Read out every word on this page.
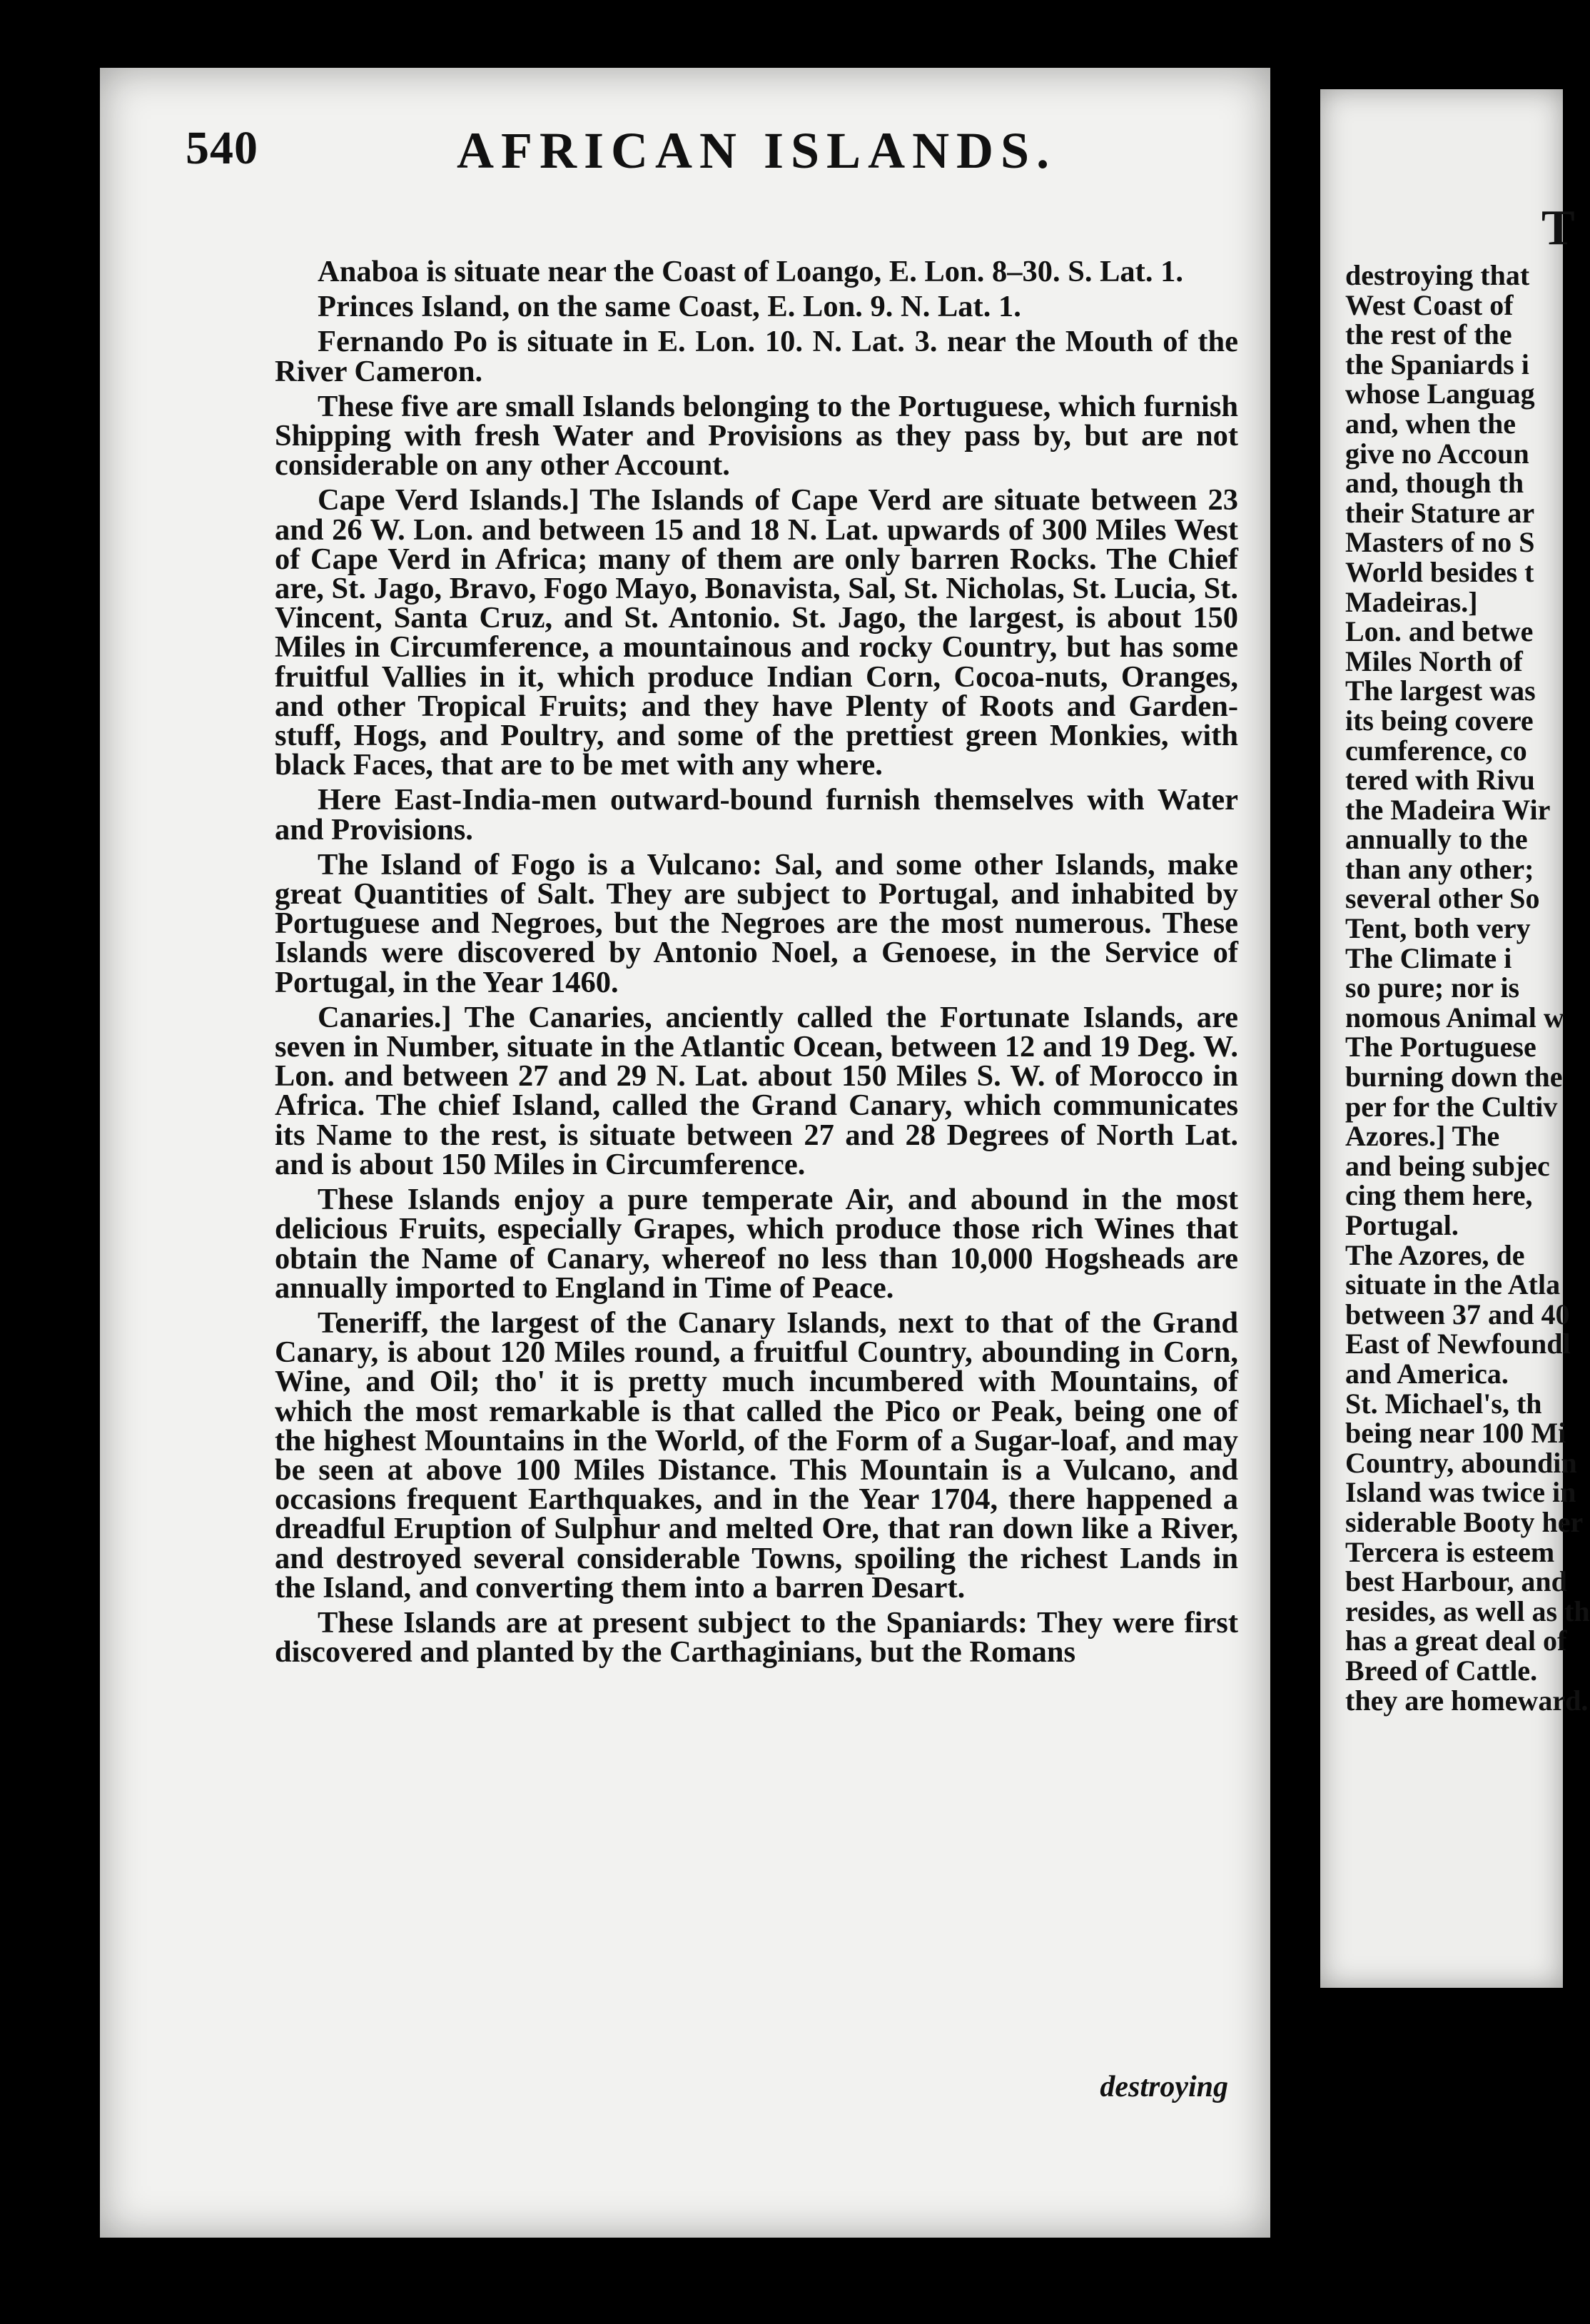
540	AFRICAN ISLANDS.

Anaboa is situate near the Coast of Loango, E. Lon. 8–30. S. Lat. 1.

Princes Island, on the same Coast, E. Lon. 9. N. Lat. 1.

Fernando Po is situate in E. Lon. 10. N. Lat. 3. near the Mouth of the River Cameron.

These five are small Islands belonging to the Portuguese, which furnish Shipping with fresh Water and Provisions as they pass by, but are not considerable on any other Account.

Cape Verd Islands.] The Islands of Cape Verd are situate between 23 and 26 W. Lon. and between 15 and 18 N. Lat. upwards of 300 Miles West of Cape Verd in Africa; many of them are only barren Rocks. The Chief are, St. Jago, Bravo, Fogo Mayo, Bonavista, Sal, St. Nicholas, St. Lucia, St. Vincent, Santa Cruz, and St. Antonio. St. Jago, the largest, is about 150 Miles in Circumference, a mountainous and rocky Country, but has some fruitful Vallies in it, which produce Indian Corn, Cocoa-nuts, Oranges, and other Tropical Fruits; and they have Plenty of Roots and Garden-stuff, Hogs, and Poultry, and some of the prettiest green Monkies, with black Faces, that are to be met with any where.

Here East-India-men outward-bound furnish themselves with Water and Provisions.

The Island of Fogo is a Vulcano: Sal, and some other Islands, make great Quantities of Salt. They are subject to Portugal, and inhabited by Portuguese and Negroes, but the Negroes are the most numerous. These Islands were discovered by Antonio Noel, a Genoese, in the Service of Portugal, in the Year 1460.

Canaries.] The Canaries, anciently called the Fortunate Islands, are seven in Number, situate in the Atlantic Ocean, between 12 and 19 Deg. W. Lon. and between 27 and 29 N. Lat. about 150 Miles S. W. of Morocco in Africa. The chief Island, called the Grand Canary, which communicates its Name to the rest, is situate between 27 and 28 Degrees of North Lat. and is about 150 Miles in Circumference.

These Islands enjoy a pure temperate Air, and abound in the most delicious Fruits, especially Grapes, which produce those rich Wines that obtain the Name of Canary, whereof no less than 10,000 Hogsheads are annually imported to England in Time of Peace.

Teneriff, the largest of the Canary Islands, next to that of the Grand Canary, is about 120 Miles round, a fruitful Country, abounding in Corn, Wine, and Oil; tho' it is pretty much incumbered with Mountains, of which the most remarkable is that called the Pico or Peak, being one of the highest Mountains in the World, of the Form of a Sugar-loaf, and may be seen at above 100 Miles Distance. This Mountain is a Vulcano, and occasions frequent Earthquakes, and in the Year 1704, there happened a dreadful Eruption of Sulphur and melted Ore, that ran down like a River, and destroyed several considerable Towns, spoiling the richest Lands in the Island, and converting them into a barren Desart.

These Islands are at present subject to the Spaniards: They were first discovered and planted by the Carthaginians, but the Romans

destroying
T
destroying that
West Coast of
the rest of the
the Spaniards i
whose Languag
and, when the
give no Accoun
and, though th
their Stature ar
Masters of no S
World besides t
Madeiras.]
Lon. and betwe
Miles North of
The largest was
its being covere
cumference, co
tered with Rivu
the Madeira Wir
annually to the
than any other;
several other So
Tent, both very
The Climate i
so pure; nor is
nomous Animal w
The Portuguese
burning down the
per for the Cultiv
Azores.] The
and being subjec
cing them here,
Portugal.
The Azores, de
situate in the Atla
between 37 and 40
East of Newfoundl
and America.
St. Michael's, th
being near 100 Mi
Country, aboundin
Island was twice in
siderable Booty her
Tercera is esteem
best Harbour, and
resides, as well as th
has a great deal of
Breed of Cattle.
they are homeward.
